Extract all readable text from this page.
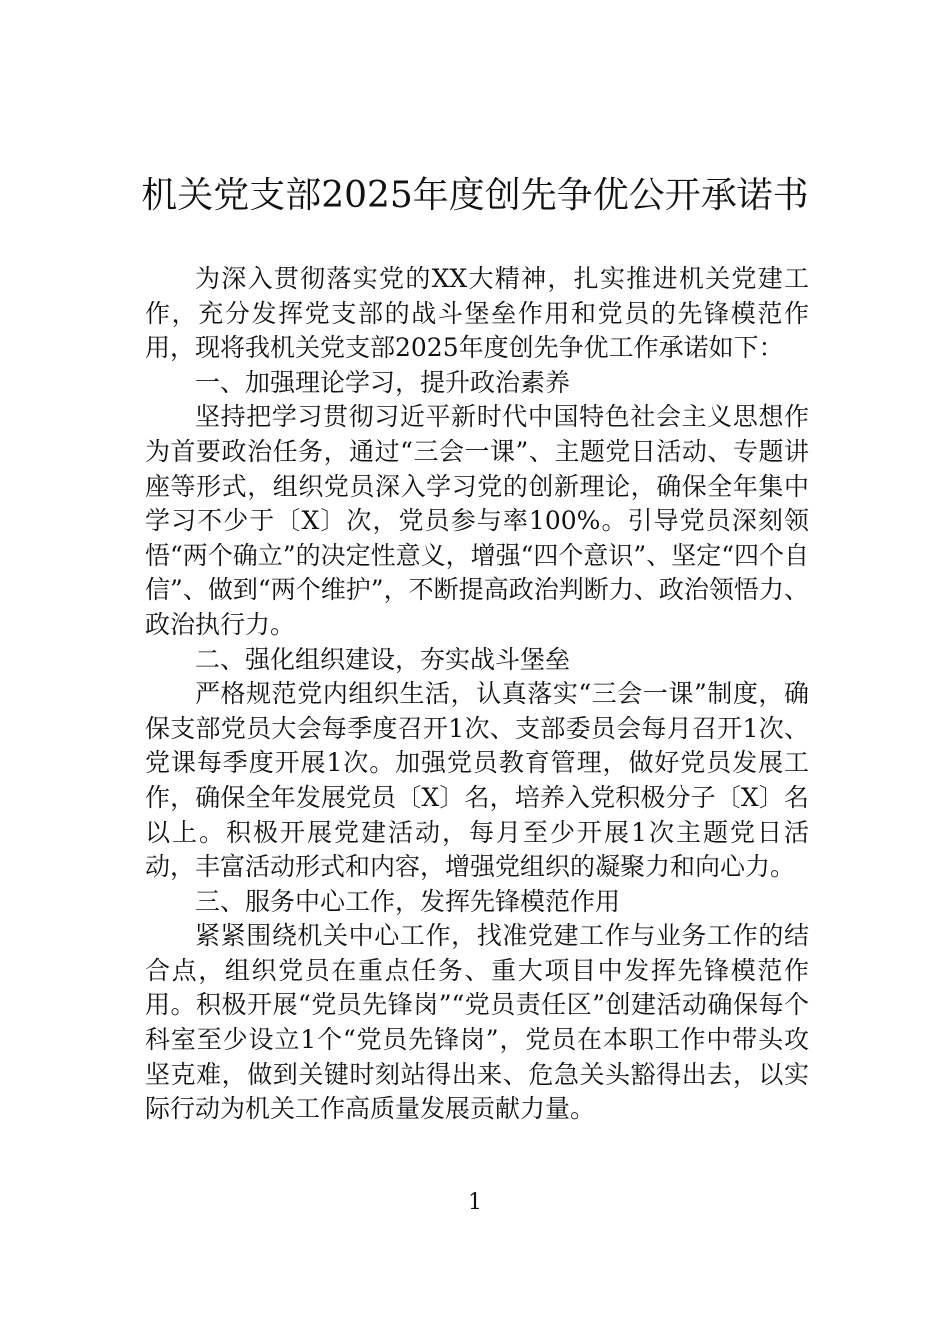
机关党支部2025年度创先争优公开承诺书

为深入贯彻落实党的XX大精神，扎实推进机关党建工作，充分发挥党支部的战斗堡垒作用和党员的先锋模范作用，现将我机关党支部2025年度创先争优工作承诺如下：

一、加强理论学习，提升政治素养

坚持把学习贯彻习近平新时代中国特色社会主义思想作为首要政治任务，通过“三会一课”、主题党日活动、专题讲座等形式，组织党员深入学习党的创新理论，确保全年集中学习不少于〔X〕次，党员参与率100%。引导党员深刻领悟“两个确立”的决定性意义，增强“四个意识”、坚定“四个自信”、做到“两个维护”，不断提高政治判断力、政治领悟力、政治执行力。

二、强化组织建设，夯实战斗堡垒

严格规范党内组织生活，认真落实“三会一课”制度，确保支部党员大会每季度召开1次、支部委员会每月召开1次、党课每季度开展1次。加强党员教育管理，做好党员发展工作，确保全年发展党员〔X〕名，培养入党积极分子〔X〕名以上。积极开展党建活动，每月至少开展1次主题党日活动，丰富活动形式和内容，增强党组织的凝聚力和向心力。

三、服务中心工作，发挥先锋模范作用

紧紧围绕机关中心工作，找准党建工作与业务工作的结合点，组织党员在重点任务、重大项目中发挥先锋模范作用。积极开展“党员先锋岗”“党员责任区”创建活动确保每个科室至少设立1个“党员先锋岗”，党员在本职工作中带头攻坚克难，做到关键时刻站得出来、危急关头豁得出去，以实际行动为机关工作高质量发展贡献力量。

1
